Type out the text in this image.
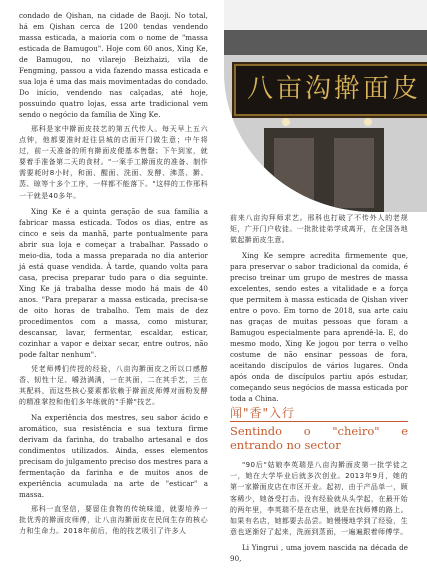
八亩沟擀面皮

condado de Qishan, na cidade de Baoji. No total, há em Qishan cerca de 1200 tendas vendendo massa esticada, a maioria com o nome de "massa esticada de Bamugou". Hoje com 60 anos, Xing Ke, de Bamugou, no vilarejo Beizhaizi, vila de Fengming, passou a vida fazendo massa esticada e sua loja é uma das mais movimentadas do condado. Do início, vendendo nas calçadas, até hoje, possuindo quatro lojas, essa arte tradicional vem sendo o negócio da família de Xing Ke.

邢科是家中擀面皮技艺的第五代传人。每天早上五六点钟，他都要准时赶往县城的店面开门做生意；中午将过，前一天准备的所有擀面皮便基本售罄；下午到家，就要着手准备第二天的食材。"一案手工擀面皮的准备、制作需要耗时8小时，和面、醒面、洗面、发酵、沸蒸、擀、蒸、晾等十多个工序，一样都不能落下。"这样的工作邢科一干就是40多年。

Xing Ke é a quinta geração de sua família a fabricar massa esticada. Todos os dias, entre as cinco e seis da manhã, parte pontualmente para abrir sua loja e começar a trabalhar. Passado o meio-dia, toda a massa preparada no dia anterior já está quase vendida. À tarde, quando volta para casa, precisa preparar tudo para o dia seguinte. Xing Ke já trabalha desse modo há mais de 40 anos. "Para preparar a massa esticada, precisa-se de oito horas de trabalho. Tem mais de dez procedimentos com a massa, como misturar, descansar, lavar, fermentar, escaldar, esticar, cozinhar a vapor e deixar secar, entre outros, não pode faltar nenhum".

凭老师傅们传授的经验，八亩沟擀面皮之所以口感醇香、韧性十足、嚼劲满满，一在其面，二在其手艺，三在其配料，而这些核心要素都依赖于擀面皮师傅对面粉发酵的精准掌控和他们多年练就的"手擀"技艺。

Na experiência dos mestres, seu sabor ácido e aromático, sua resistência e sua textura firme derivam da farinha, do trabalho artesanal e dos condimentos utilizados. Ainda, esses elementos precisam do julgamento preciso dos mestres para a fermentação da farinha e de muitos anos de experiência acumulada na arte de "esticar" a massa.

邢科一直坚信，要留住食物的传统味道，就要培养一批优秀的擀面皮师傅，让八亩沟擀面皮在民间生存的核心力和生命力。2018年前后，他的技艺吸引了许多人

前来八亩沟拜师求艺。邢科也打破了不传外人的老规矩，广开门户收徒。一批批徒弟学成离开，在全国各地做起擀面皮生意。

Xing Ke sempre acredita firmemente que, para preservar o sabor tradicional da comida, é preciso treinar um grupo de mestres de massa excelentes, sendo estes a vitalidade e a força que permitem à massa esticada de Qishan viver entre o povo. Em torno de 2018, sua arte caiu nas graças de muitas pessoas que foram a Bamugou especialmente para aprendê-la. E, do mesmo modo, Xing Ke jogou por terra o velho costume de não ensinar pessoas de fora, aceitando discípulos de vários lugares. Onda após onda de discípulos partiu após estudar, começando seus negócios de massa esticada por toda a China.

闻"香"入行
Sentindo o "cheiro" e entrando no sector

"90后"姑娘李英瑞是八亩沟擀面皮第一批学徒之一，她在大学毕业后就多次创业。2013年9月，她的第一家擀面皮店在市区开业。起初，由于产品单一，顾客稀少，她备受打击。没有经验就从头学起，在最开始的两年里，李英瑞不是在店里，就是在找师傅的路上。如果有名店，她都要去品尝。她慢慢地学到了经验，生意也逐渐好了起来，洗面到蒸面，一遍遍跟着师傅学。

Li Yingrui , uma jovem nascida na década de 90,
